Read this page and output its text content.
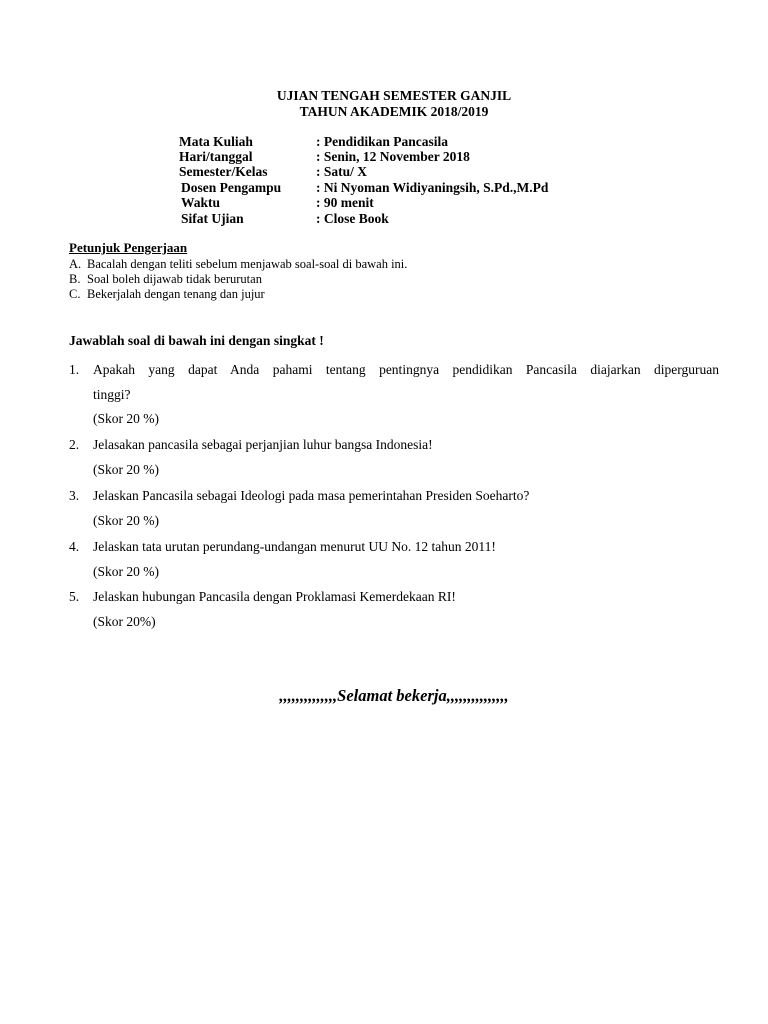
UJIAN TENGAH SEMESTER GANJIL
TAHUN AKADEMIK 2018/2019
Mata Kuliah	: Pendidikan Pancasila
Hari/tanggal	: Senin, 12 November 2018
Semester/Kelas	: Satu/ X
Dosen Pengampu	: Ni Nyoman Widiyaningsih, S.Pd.,M.Pd
Waktu	: 90 menit
Sifat Ujian	: Close Book
Petunjuk Pengerjaan
A. Bacalah dengan teliti sebelum menjawab soal-soal di bawah ini.
B. Soal boleh dijawab tidak berurutan
C. Bekerjalah dengan tenang dan jujur
Jawablah soal di bawah ini dengan singkat !
1. Apakah yang dapat Anda pahami tentang pentingnya pendidikan Pancasila diajarkan diperguruan
tinggi?
(Skor 20 %)
2. Jelasakan pancasila sebagai perjanjian luhur bangsa Indonesia!
(Skor 20 %)
3. Jelaskan Pancasila sebagai Ideologi pada masa pemerintahan Presiden Soeharto?
(Skor 20 %)
4. Jelaskan tata urutan perundang-undangan menurut UU No. 12 tahun 2011!
(Skor 20 %)
5. Jelaskan hubungan Pancasila dengan Proklamasi Kemerdekaan RI!
(Skor 20%)
,,,,,,,,,,,,,,Selamat bekerja,,,,,,,,,,,,,,,
